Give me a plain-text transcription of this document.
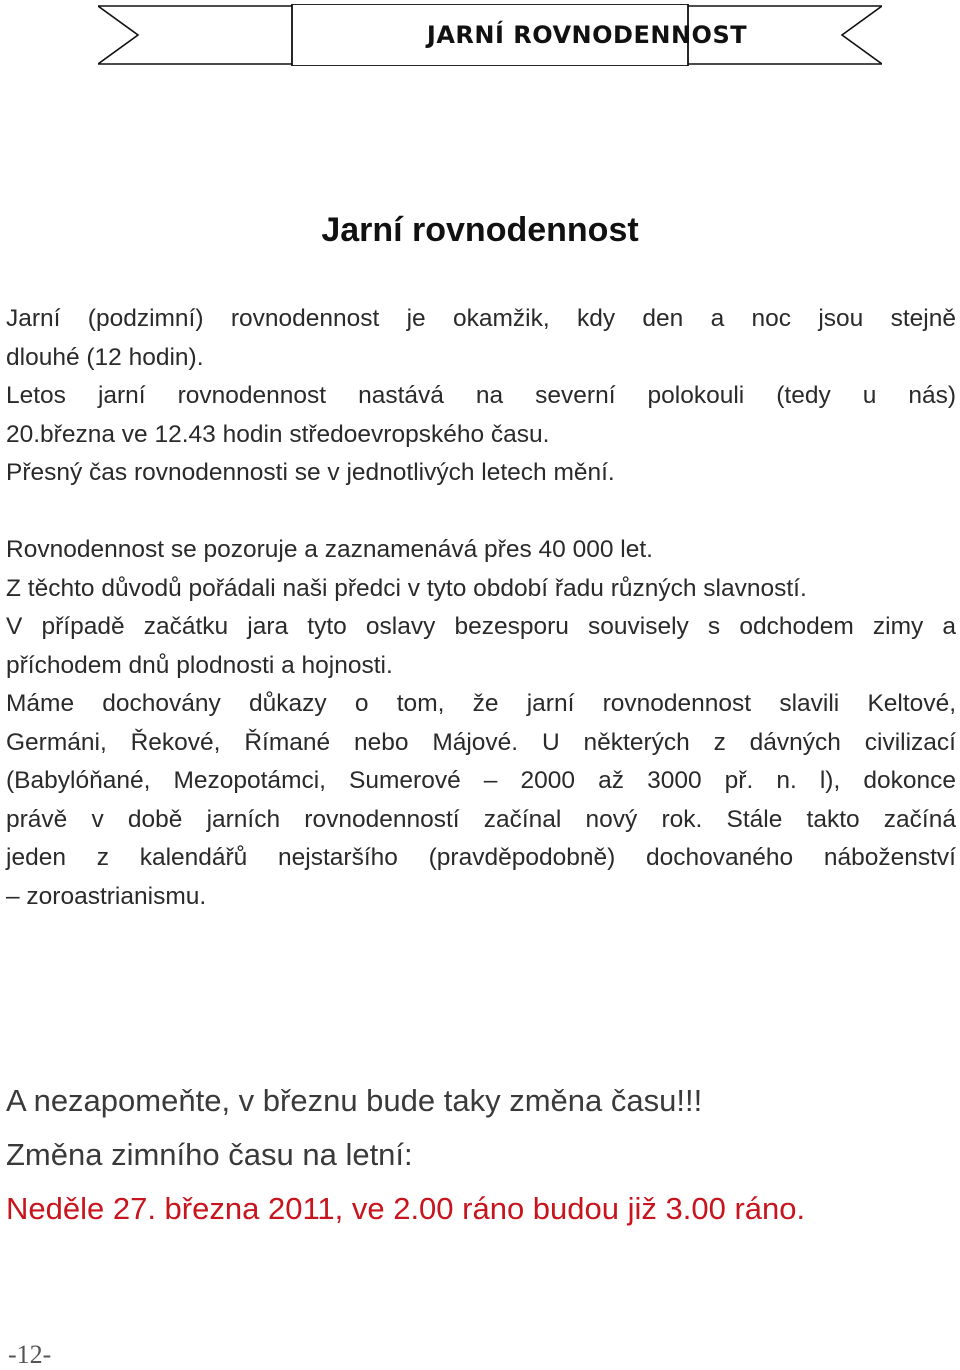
JARNÍ ROVNODENNOST
Jarní rovnodennost
Jarní (podzimní) rovnodennost je okamžik, kdy den a noc jsou stejně
dlouhé (12 hodin).
Letos jarní rovnodennost nastává na severní polokouli (tedy u nás)
20.března ve 12.43 hodin středoevropského času.
Přesný čas rovnodennosti se v jednotlivých letech mění.
Rovnodennost se pozoruje a zaznamenává přes 40 000 let.
Z těchto důvodů pořádali naši předci v tyto období řadu různých slavností.
V případě začátku jara tyto oslavy bezesporu souvisely s odchodem zimy a
příchodem dnů plodnosti a hojnosti.
Máme dochovány důkazy o tom, že jarní rovnodennost slavili Keltové,
Germáni, Řekové, Římané nebo Májové. U některých z dávných civilizací
(Babylóňané, Mezopotámci, Sumerové – 2000 až 3000 př. n. l), dokonce
právě v době jarních rovnodenností začínal nový rok. Stále takto začíná
jeden z kalendářů nejstaršího (pravděpodobně) dochovaného náboženství
– zoroastrianismu.
A nezapomeňte, v březnu bude taky změna času!!!
Změna zimního času na letní:
Neděle 27. března 2011, ve 2.00 ráno budou již 3.00 ráno.
-12-
